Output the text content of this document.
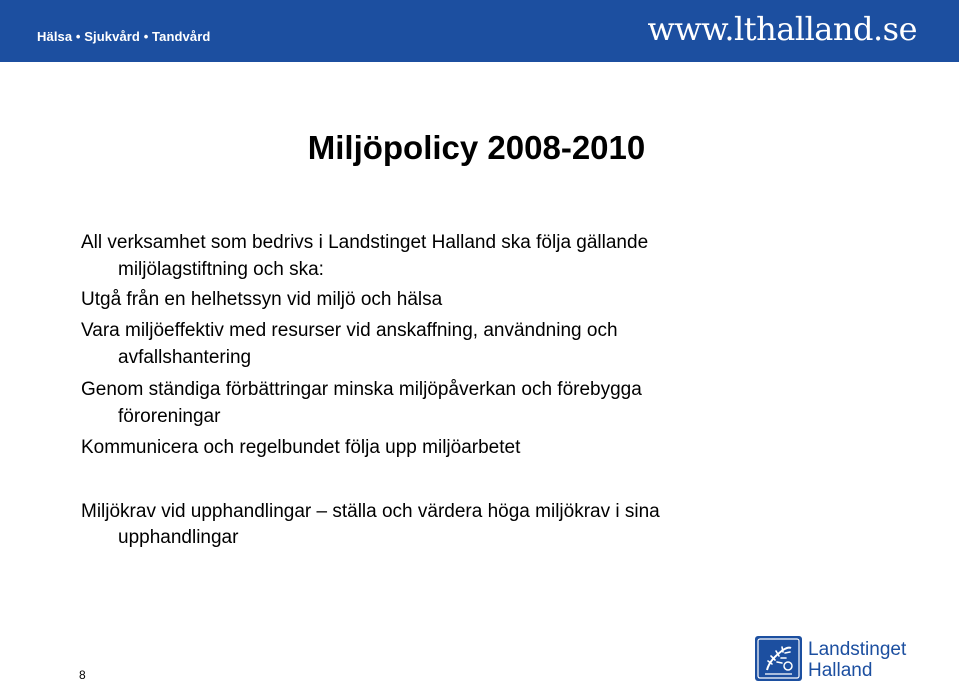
Hälsa • Sjukvård • Tandvård	www.lthalland.se
Miljöpolicy 2008-2010
All verksamhet som bedrivs i Landstinget Halland ska följa gällande
miljölagstiftning och ska:
Utgå från en helhetssyn vid miljö och hälsa
Vara miljöeffektiv med resurser vid anskaffning, användning och
avfallshantering
Genom ständiga förbättringar minska miljöpåverkan och förebygga
föroreningar
Kommunicera och regelbundet följa upp miljöarbetet
Miljökrav vid upphandlingar – ställa och värdera höga miljökrav i sina
upphandlingar
8
Landstinget
Halland
